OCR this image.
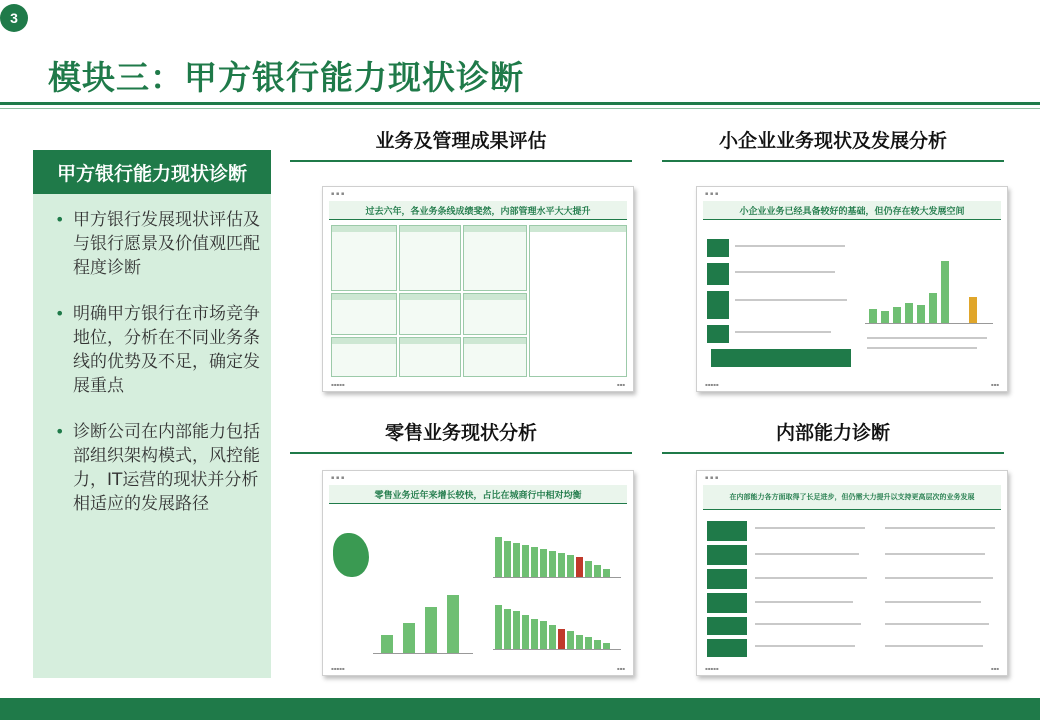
3
模块三：甲方银行能力现状诊断
甲方银行能力现状诊断
• 甲方银行发展现状评估及与银行愿景及价值观匹配程度诊断
• 明确甲方银行在市场竞争地位，分析在不同业务条线的优势及不足，确定发展重点
• 诊断公司在内部能力包括部组织架构模式，风控能力，IT运营的现状并分析相适应的发展路径
业务及管理成果评估
▪ ▪ ▪
过去六年，各业务条线成绩斐然，内部管理水平大大提升
▪▪▪▪▪	▪▪▪
小企业业务现状及发展分析
▪ ▪ ▪
小企业业务已经具备较好的基础，但仍存在较大发展空间
▪▪▪▪▪	▪▪▪
零售业务现状分析
▪ ▪ ▪
零售业务近年来增长较快，占比在城商行中相对均衡
▪▪▪▪▪	▪▪▪
内部能力诊断
▪ ▪ ▪
在内部能力各方面取得了长足进步，但仍需大力提升以支持更高层次的业务发展
▪▪▪▪▪	▪▪▪
